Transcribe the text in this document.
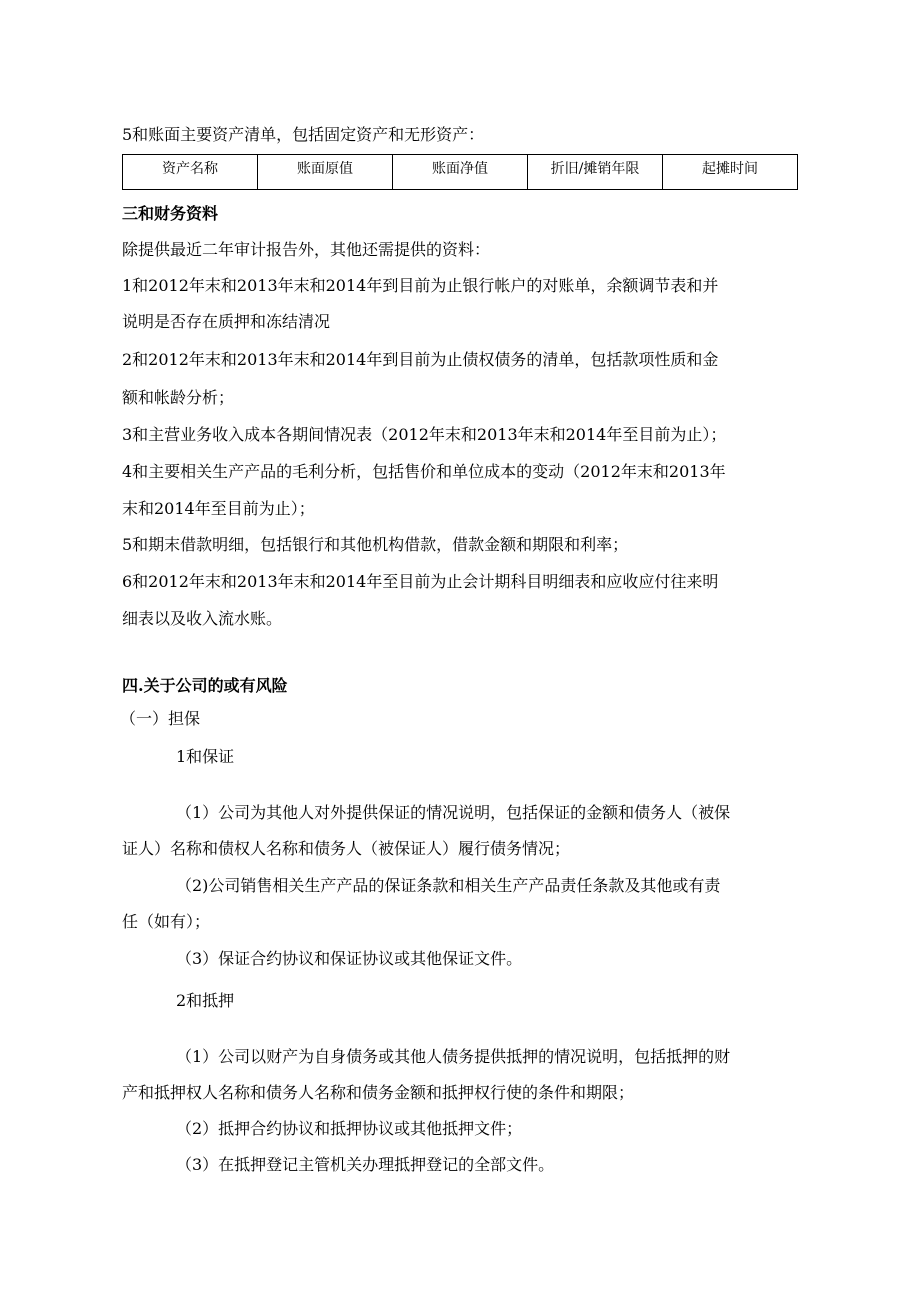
5和账面主要资产清单，包括固定资产和无形资产：

资产名称	账面原值	账面净值	折旧/摊销年限	起摊时间

三和财务资料

除提供最近二年审计报告外，其他还需提供的资料：

1和2012年末和2013年末和2014年到目前为止银行帐户的对账单，余额调节表和并

说明是否存在质押和冻结清况

2和2012年末和2013年末和2014年到目前为止债权债务的清单，包括款项性质和金

额和帐龄分析；

3和主营业务收入成本各期间情况表（2012年末和2013年末和2014年至目前为止）；

4和主要相关生产产品的毛利分析，包括售价和单位成本的变动（2012年末和2013年

末和2014年至目前为止）；

5和期末借款明细，包括银行和其他机构借款，借款金额和期限和利率；

6和2012年末和2013年末和2014年至目前为止会计期科目明细表和应收应付往来明

细表以及收入流水账。

四.关于公司的或有风险

（一）担保

1和保证

（1）公司为其他人对外提供保证的情况说明，包括保证的金额和债务人（被保

证人）名称和债权人名称和债务人（被保证人）履行债务情况；

（2)公司销售相关生产产品的保证条款和相关生产产品责任条款及其他或有责

任（如有）；

（3）保证合约协议和保证协议或其他保证文件。

2和抵押

（1）公司以财产为自身债务或其他人债务提供抵押的情况说明，包括抵押的财

产和抵押权人名称和债务人名称和债务金额和抵押权行使的条件和期限；

（2）抵押合约协议和抵押协议或其他抵押文件；

（3）在抵押登记主管机关办理抵押登记的全部文件。
